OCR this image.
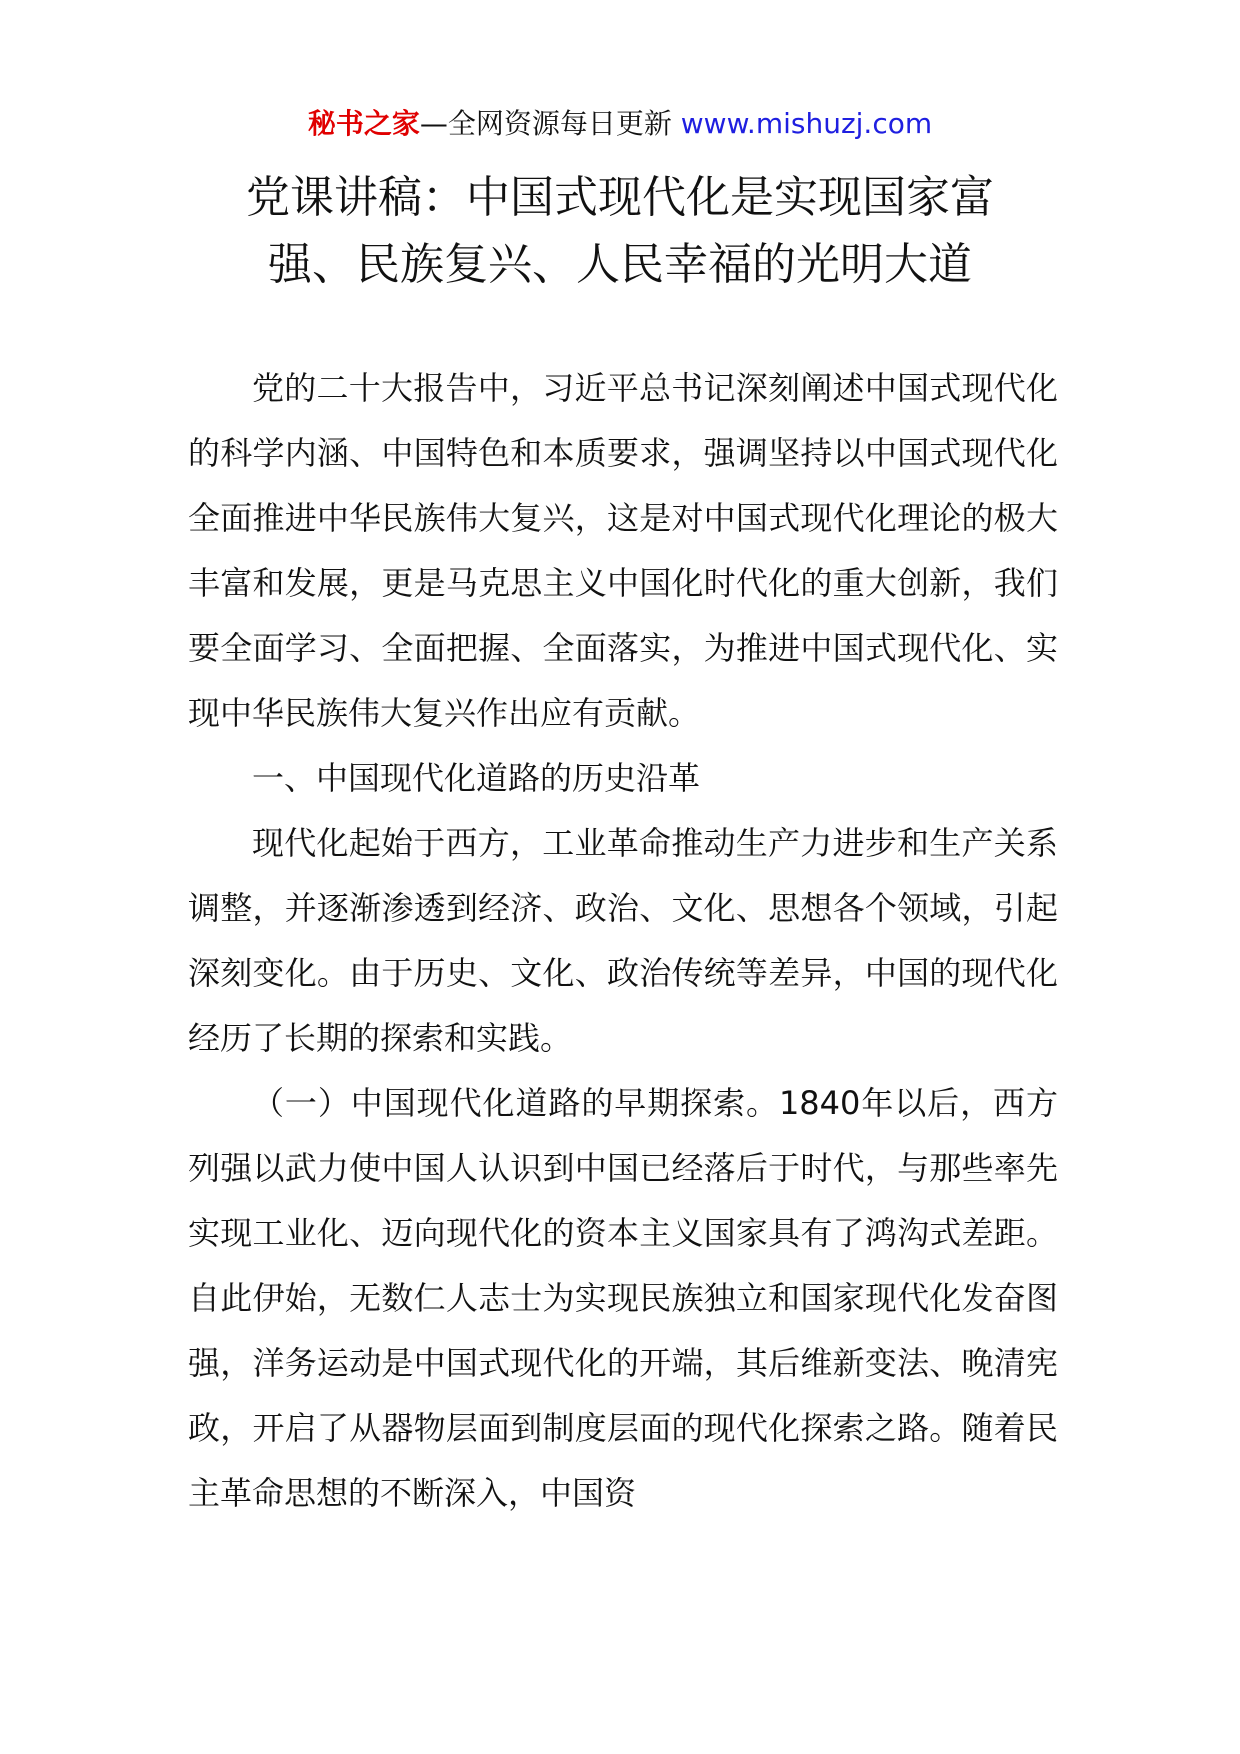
秘书之家—全网资源每日更新 www.mishuzj.com
党课讲稿：中国式现代化是实现国家富
强、民族复兴、人民幸福的光明大道

党的二十大报告中，习近平总书记深刻阐述中国式现代化的科学内涵、中国特色和本质要求，强调坚持以中国式现代化全面推进中华民族伟大复兴，这是对中国式现代化理论的极大丰富和发展，更是马克思主义中国化时代化的重大创新，我们要全面学习、全面把握、全面落实，为推进中国式现代化、实现中华民族伟大复兴作出应有贡献。

一、中国现代化道路的历史沿革

现代化起始于西方，工业革命推动生产力进步和生产关系调整，并逐渐渗透到经济、政治、文化、思想各个领域，引起深刻变化。由于历史、文化、政治传统等差异，中国的现代化经历了长期的探索和实践。

（一）中国现代化道路的早期探索。1840年以后，西方列强以武力使中国人认识到中国已经落后于时代，与那些率先实现工业化、迈向现代化的资本主义国家具有了鸿沟式差距。自此伊始，无数仁人志士为实现民族独立和国家现代化发奋图强，洋务运动是中国式现代化的开端，其后维新变法、晚清宪政，开启了从器物层面到制度层面的现代化探索之路。随着民主革命思想的不断深入，中国资
